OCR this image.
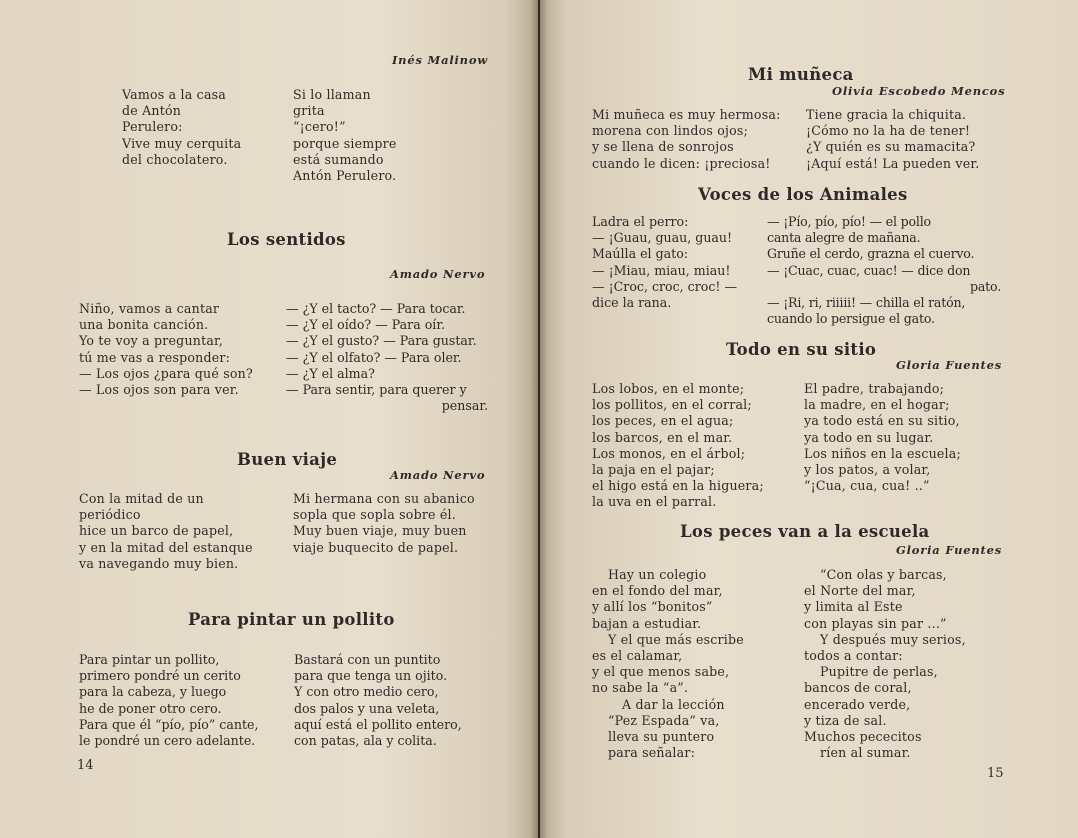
Inés Malinow
Vamos a la casa
de Antón
Perulero:
Vive muy cerquita
del chocolatero.
Si lo llaman
grita
“¡cero!”
porque siempre
está sumando
Antón Perulero.
Los sentidos
Amado Nervo
Niño, vamos a cantar
una bonita canción.
Yo te voy a preguntar,
tú me vas a responder:
— Los ojos ¿para qué son?
— Los ojos son para ver.
— ¿Y el tacto? — Para tocar.
— ¿Y el oído? — Para oír.
— ¿Y el gusto? — Para gustar.
— ¿Y el olfato? — Para oler.
— ¿Y el alma?
— Para sentir, para querer y
pensar.
Buen viaje
Amado Nervo
Con la mitad de un
periódico
hice un barco de papel,
y en la mitad del estanque
va navegando muy bien.
Mi hermana con su abanico
sopla que sopla sobre él.
Muy buen viaje, muy buen
viaje buquecito de papel.
Para pintar un pollito
Para pintar un pollito,
primero pondré un cerito
para la cabeza, y luego
he de poner otro cero.
Para que él “pío, pío” cante,
le pondré un cero adelante.
Bastará con un puntito
para que tenga un ojito.
Y con otro medio cero,
dos palos y una veleta,
aquí está el pollito entero,
con patas, ala y colita.
14
Mi muñeca
Olivia Escobedo Mencos
Mi muñeca es muy hermosa:
morena con lindos ojos;
y se llena de sonrojos
cuando le dicen: ¡preciosa!
Tiene gracia la chiquita.
¡Cómo no la ha de tener!
¿Y quién es su mamacita?
¡Aquí está! La pueden ver.
Voces de los Animales
Ladra el perro:
— ¡Guau, guau, guau!
Maúlla el gato:
— ¡Miau, miau, miau!
— ¡Croc, croc, croc! —
dice la rana.
— ¡Pío, pío, pío! — el pollo
canta alegre de mañana.
Gruñe el cerdo, grazna el cuervo.
— ¡Cuac, cuac, cuac! — dice don
pato.
— ¡Ri, ri, riiiii! — chilla el ratón,
cuando lo persigue el gato.
Todo en su sitio
Gloria Fuentes
Los lobos, en el monte;
los pollitos, en el corral;
los peces, en el agua;
los barcos, en el mar.
Los monos, en el árbol;
la paja en el pajar;
el higo está en la higuera;
la uva en el parral.
El padre, trabajando;
la madre, en el hogar;
ya todo está en su sitio,
ya todo en su lugar.
Los niños en la escuela;
y los patos, a volar,
“¡Cua, cua, cua! ..”
Los peces van a la escuela
Gloria Fuentes
Hay un colegio
en el fondo del mar,
y allí los “bonitos”
bajan a estudiar.
Y el que más escribe
es el calamar,
y el que menos sabe,
no sabe la “a”.
A dar la lección
“Pez Espada” va,
lleva su puntero
para señalar:
“Con olas y barcas,
el Norte del mar,
y limita al Este
con playas sin par ...”
Y después muy serios,
todos a contar:
Pupitre de perlas,
bancos de coral,
encerado verde,
y tiza de sal.
Muchos pececitos
ríen al sumar.
15
